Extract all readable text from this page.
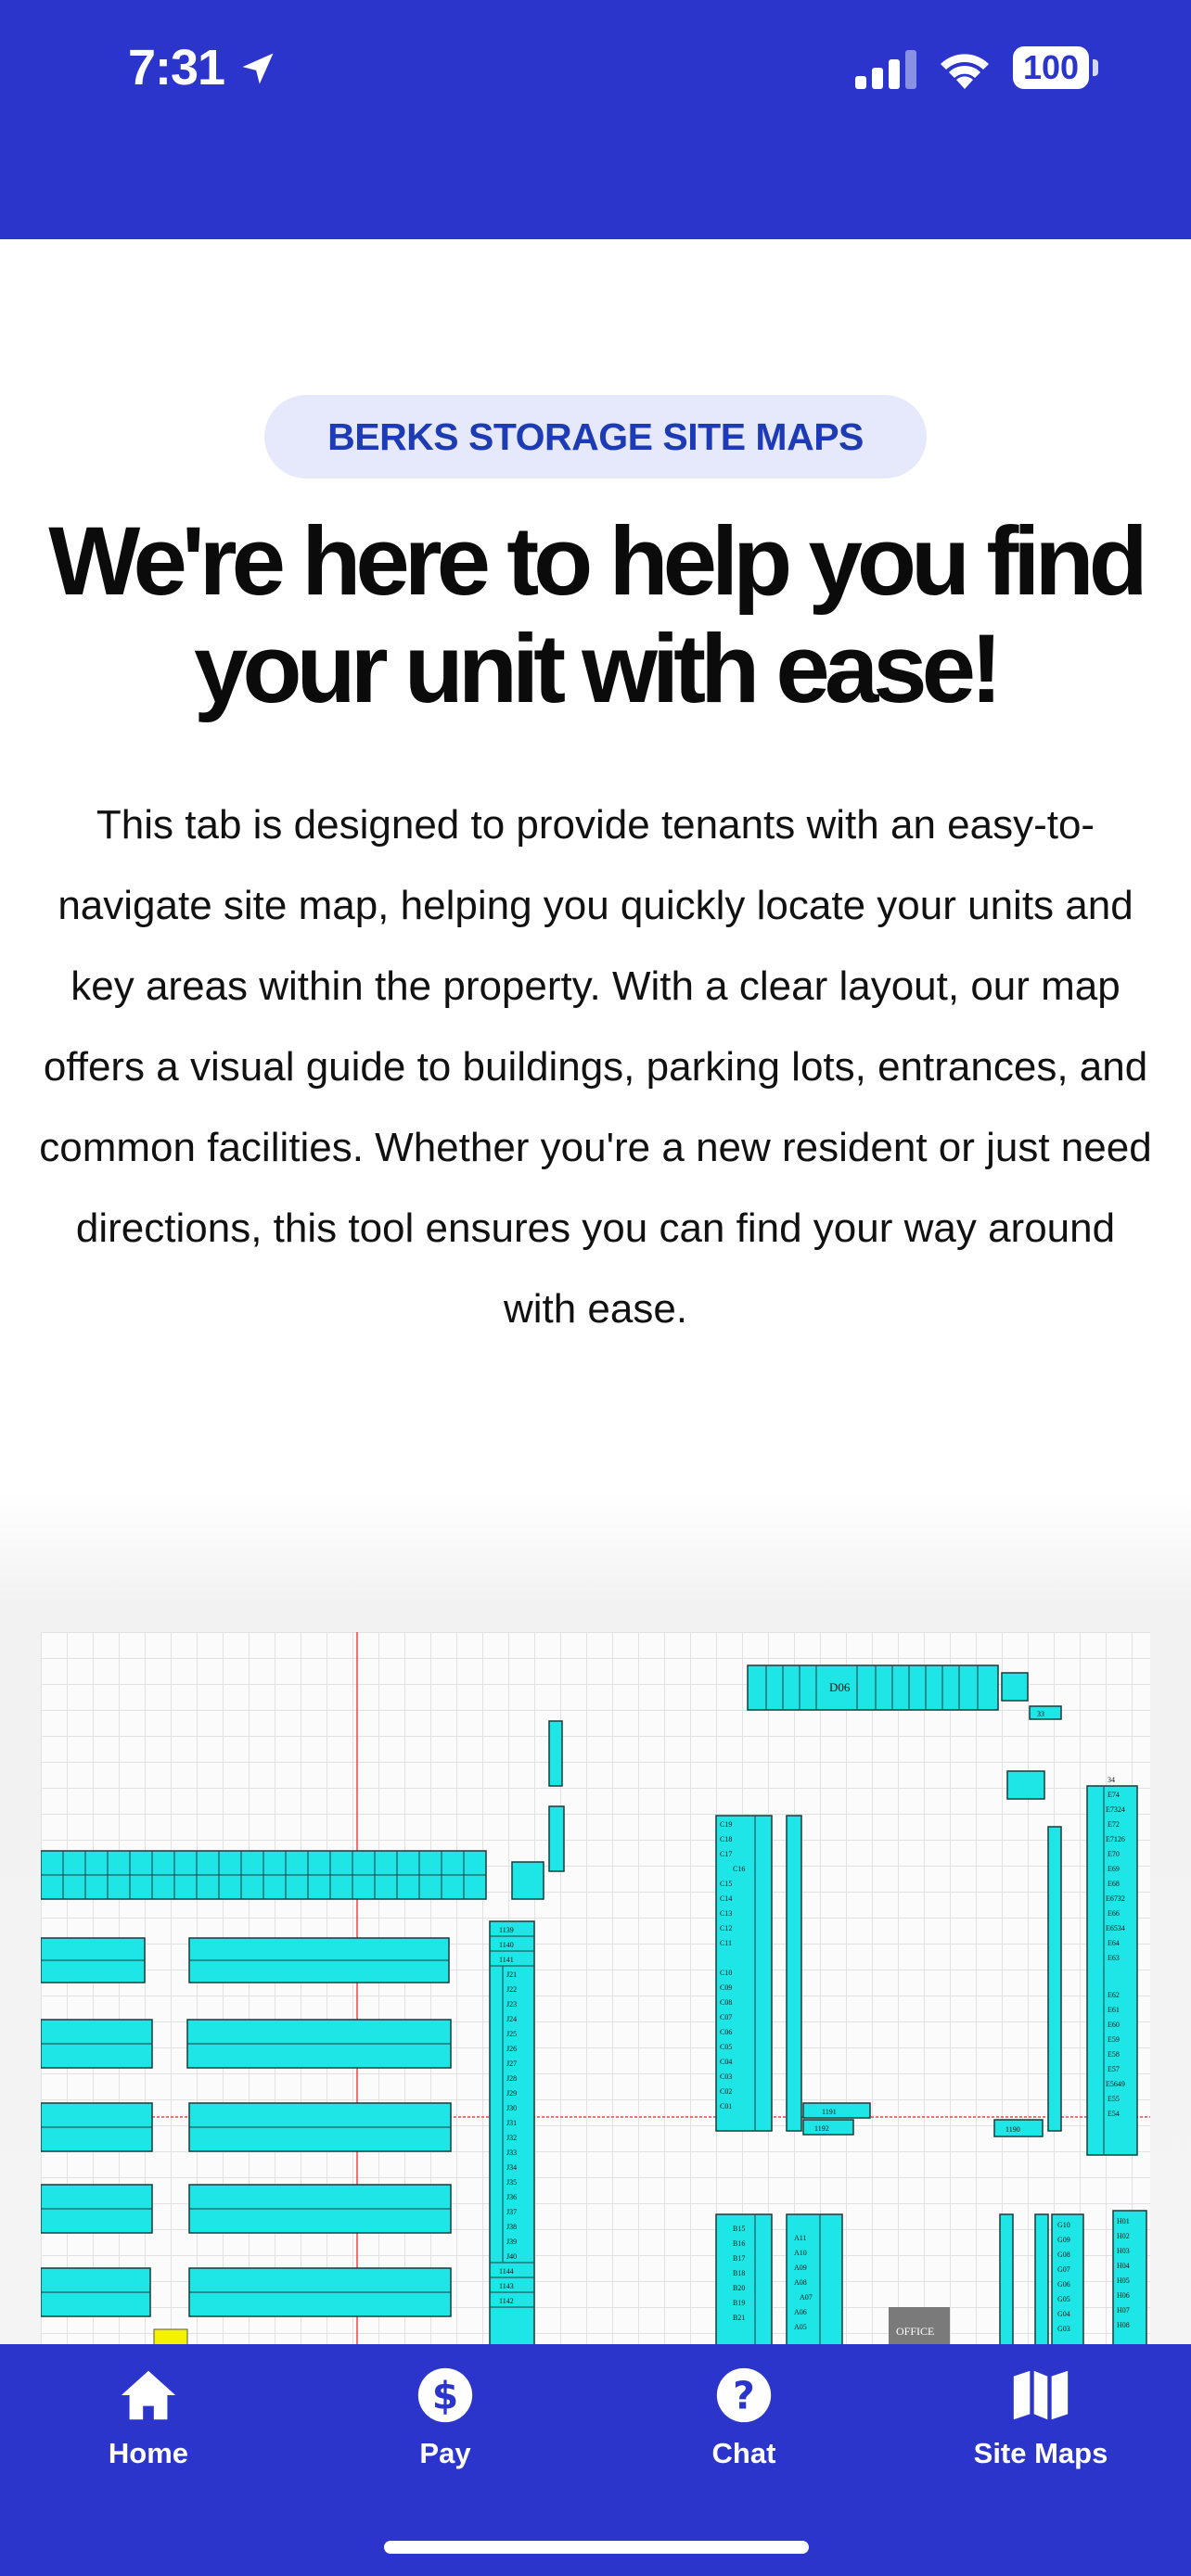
7:31	100
BERKS STORAGE SITE MAPS
We're here to help you find your unit with ease!

This tab is designed to provide tenants with an easy-to-navigate site map, helping you quickly locate your units and key areas within the property. With a clear layout, our map offers a visual guide to buildings, parking lots, entrances, and common facilities. Whether you're a new resident or just need directions, this tool ensures you can find your way around with ease.

D06
33
1139
1140
1141
J21
J22
J23
J24
J25
J26
J27
J28
J29
J30
J31
J32
J33
J34
J35
J36
J37
J38
J39
J40
1144
1143
1142
C19
C18
C17
C16
C15
C14
C13
C12
C11
C10
C09
C08
C07
C06
C05
C04
C03
C02
C01
1191
1192	1190
E74
E7324
E72
E7126
E70
E69
E68
E6732
E66
E6534
E64
E63
E62
E61
E60
E59
E58
E57
E5649
E55
E54
34
B15
B16
B17
B18
B20
B19
B21
A11
A10
A09
A08
A07
A06
A05	OFFICE
G10
G09
G08
G07
G06
G05
G04
G03
H01
H02
H03
H04
H05
H06
H07
H08
Home
$
Pay
?
Chat	Site Maps
